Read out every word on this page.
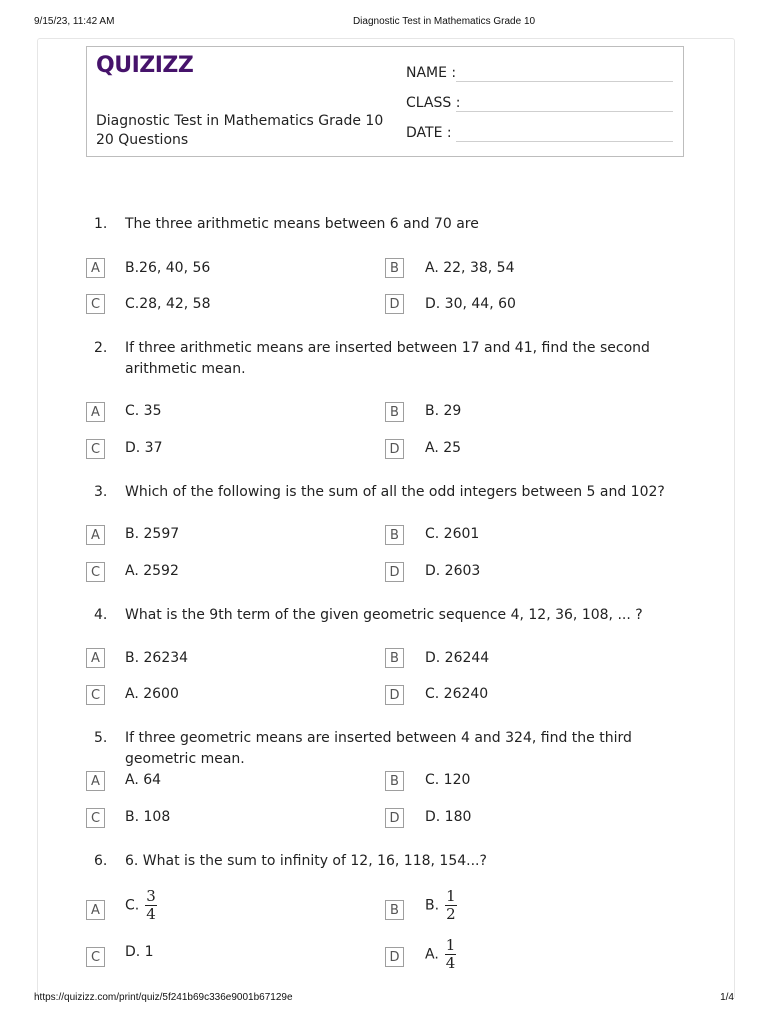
9/15/23, 11:42 AM	Diagnostic Test in Mathematics Grade 10
QUIZIZZ
Diagnostic Test in Mathematics Grade 10
20 Questions
NAME :
CLASS :
DATE :
1. The three arithmetic means between 6 and 70 are
A	B.26, 40, 56	B	A. 22, 38, 54
C	C.28, 42, 58	D	D. 30, 44, 60
2. If three arithmetic means are inserted between 17 and 41, find the second arithmetic mean.
A	C. 35	B	B. 29
C	D. 37	D	A. 25
3. Which of the following is the sum of all the odd integers between 5 and 102?
A	B. 2597	B	C. 2601
C	A. 2592	D	D. 2603
4. What is the 9th term of the given geometric sequence 4, 12, 36, 108, ... ?
A	B. 26234	B	D. 26244
C	A. 2600	D	C. 26240
5. If three geometric means are inserted between 4 and 324, find the third geometric mean.
A	A. 64	B	C. 120
C	B. 108	D	D. 180
6. 6. What is the sum to infinity of 12, 16, 118, 154...?
A	C. $\frac{3}{4}$	B	B. $\frac{1}{2}$
C	D. 1	D	A. $\frac{1}{4}$
https://quizizz.com/print/quiz/5f241b69c336e9001b67129e	1/4
